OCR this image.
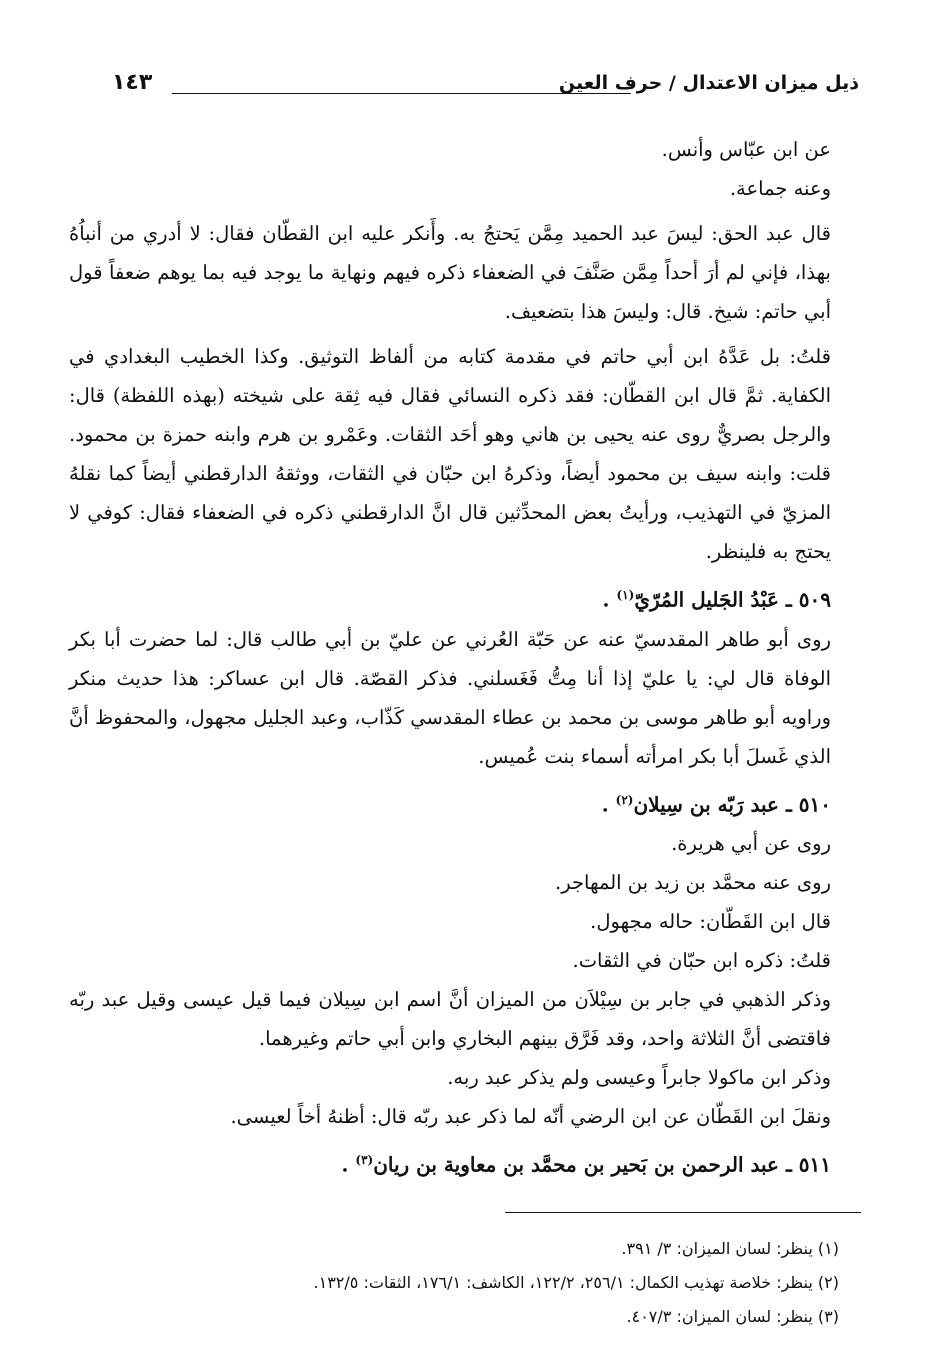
١٤٣	ذيل ميزان الاعتدال / حرف العين

عن ابن عبّاس وأنس.

وعنه جماعة.

قال عبد الحق: ليسَ عبد الحميد مِمَّن يَحتجُ به. وأَنكر عليه ابن القطّان فقال: لا أدري من أنباُهُ بهذا، فإني لم أرَ أحداً مِمَّن صَنَّفَ في الضعفاء ذكره فيهم ونهاية ما يوجد فيه بما يوهم ضعفاً قول أبي حاتم: شيخ. قال: وليسَ هذا بتضعيف.

قلتُ: بل عَدَّهُ ابن أبي حاتم في مقدمة كتابه من ألفاظ التوثيق. وكذا الخطيب البغدادي في الكفاية. ثمَّ قال ابن القطّان: فقد ذكره النسائي فقال فيه ثِقة على شيخته (بهذه اللفظة) قال: والرجل بصريٌّ روى عنه يحيى بن هاني وهو أحَد الثقات. وعَمْرو بن هرم وابنه حمزة بن محمود. قلت: وابنه سيف بن محمود أيضاً، وذكرهُ ابن حبّان في الثقات، ووثقهُ الدارقطني أيضاً كما نقلهُ المزيّ في التهذيب، ورأيتُ بعض المحدِّثين قال انَّ الدارقطني ذكره في الضعفاء فقال: كوفي لا يحتج به فلينظر.

٥٠٩ ـ عَبْدُ الجَليل المُرّيّ$^{(١)}$ .

روى أبو طاهر المقدسيّ عنه عن حَبّة العُرني عن عليّ بن أبي طالب قال: لما حضرت أبا بكر الوفاة قال لي: يا عليّ إذا أنا مِتُّ فَغَسلني. فذكر القصّة. قال ابن عساكر: هذا حديث منكر وراويه أبو طاهر موسى بن محمد بن عطاء المقدسي كَذّاب، وعبد الجليل مجهول، والمحفوظ أنَّ الذي غَسلَ أبا بكر امرأته أسماء بنت عُميس.

٥١٠ ـ عبد رَبّه بن سِيلان$^{(٢)}$ .

روى عن أبي هريرة.

روى عنه محمَّد بن زيد بن المهاجر.

قال ابن القَطّان: حاله مجهول.

قلتُ: ذكره ابن حبّان في الثقات.

وذكر الذهبي في جابر بن سِيْلاَن من الميزان أنَّ اسم ابن سِيلان فيما قيل عيسى وقيل عبد ربّه فاقتضى أنَّ الثلاثة واحد، وقد فَرَّق بينهم البخاري وابن أبي حاتم وغيرهما.

وذكر ابن ماكولا جابراً وعيسى ولم يذكر عبد ربه.

ونقلَ ابن القَطّان عن ابن الرضي أنّه لما ذكر عبد ربّه قال: أظنهُ أخاً لعيسى.

٥١١ ـ عبد الرحمن بن بَحير بن محمَّد بن معاوية بن ريان$^{(٣)}$ .

(١) ينظر: لسان الميزان: ٣/ ٣٩١.

(٢) ينظر: خلاصة تهذيب الكمال: ٢٥٦/١، ١٢٢/٢، الكاشف: ١٧٦/١، الثقات: ١٣٢/٥.

(٣) ينظر: لسان الميزان: ٤٠٧/٣.
